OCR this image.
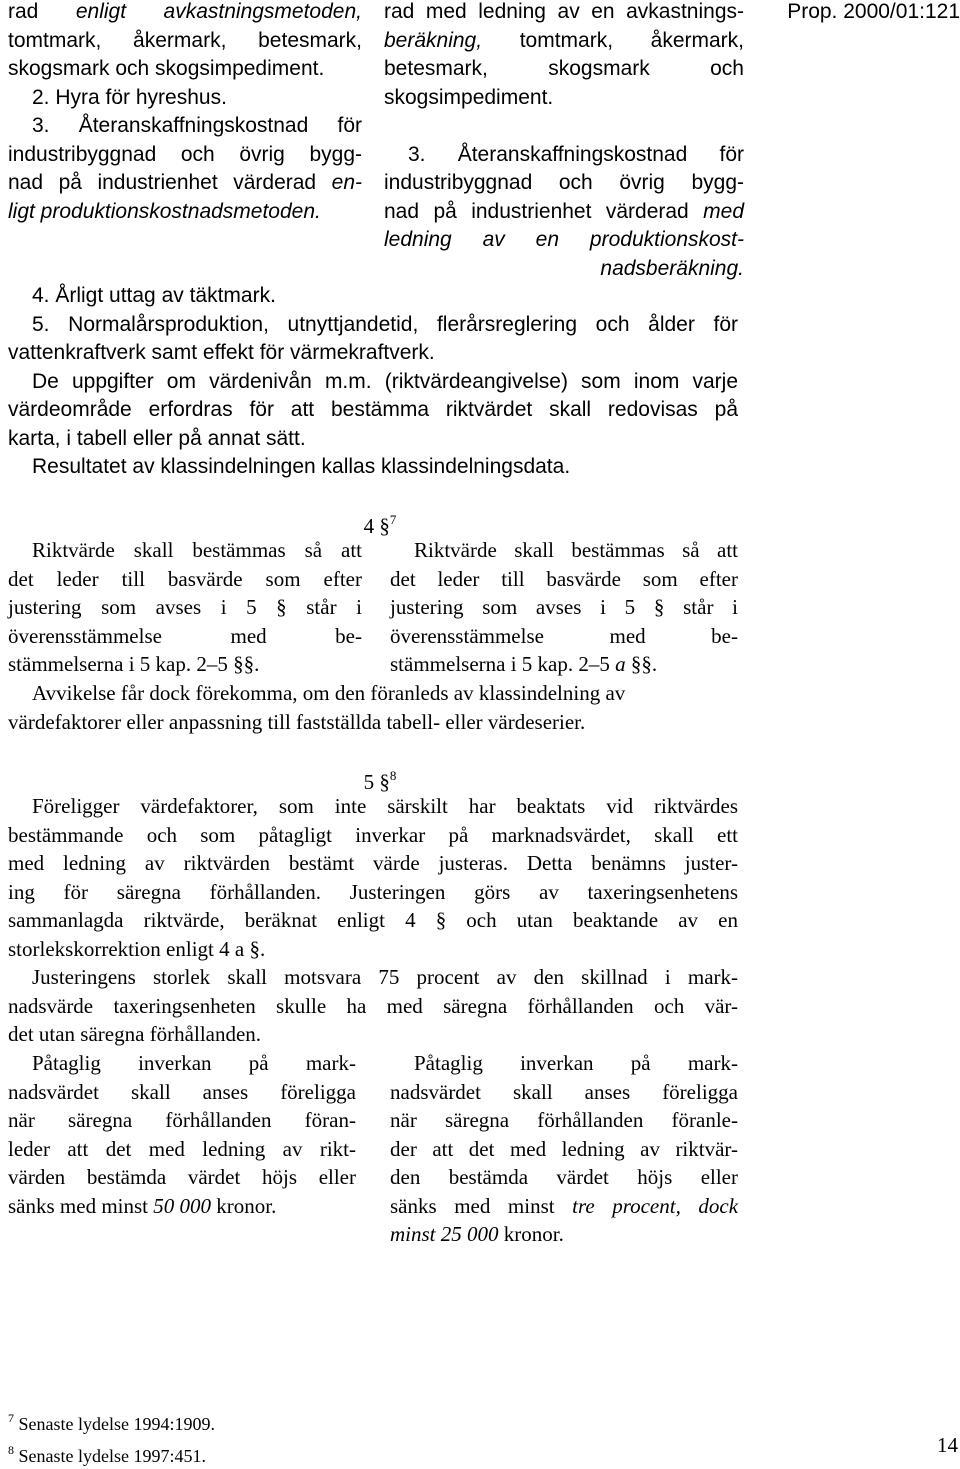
Prop. 2000/01:121
rad enligt avkastningsmetoden,
tomtmark, åkermark, betesmark,
skogsmark och skogsimpediment.
2. Hyra för hyreshus.
3. Återanskaffningskostnad för
industribyggnad och övrig bygg-
nad på industrienhet värderad en-
ligt produktionskostnadsmetoden.
rad med ledning av en avkastnings-
beräkning, tomtmark, åkermark,
betesmark, skogsmark och
skogsimpediment.
3. Återanskaffningskostnad för
industribyggnad och övrig bygg-
nad på industrienhet värderad med
ledning av en produktionskost-
nadsberäkning.
4. Årligt uttag av täktmark.
5. Normalårsproduktion, utnyttjandetid, flerårsreglering och ålder för
vattenkraftverk samt effekt för värmekraftverk.
De uppgifter om värdenivån m.m. (riktvärdeangivelse) som inom varje
värdeområde erfordras för att bestämma riktvärdet skall redovisas på
karta, i tabell eller på annat sätt.
Resultatet av klassindelningen kallas klassindelningsdata.
4 §$^7$
Riktvärde skall bestämmas så att
det leder till basvärde som efter
justering som avses i 5 § står i
överensstämmelse med be-
stämmelserna i 5 kap. 2–5 §§.
Riktvärde skall bestämmas så att
det leder till basvärde som efter
justering som avses i 5 § står i
överensstämmelse med be-
stämmelserna i 5 kap. 2–5 a §§.
Avvikelse får dock förekomma, om den föranleds av klassindelning av
värdefaktorer eller anpassning till fastställda tabell- eller värdeserier.
5 §$^8$
Föreligger värdefaktorer, som inte särskilt har beaktats vid riktvärdes
bestämmande och som påtagligt inverkar på marknadsvärdet, skall ett
med ledning av riktvärden bestämt värde justeras. Detta benämns juster-
ing för säregna förhållanden. Justeringen görs av taxeringsenhetens
sammanlagda riktvärde, beräknat enligt 4 § och utan beaktande av en
storlekskorrektion enligt 4 a §.
Justeringens storlek skall motsvara 75 procent av den skillnad i mark-
nadsvärde taxeringsenheten skulle ha med säregna förhållanden och vär-
det utan säregna förhållanden.
Påtaglig inverkan på mark-
nadsvärdet skall anses föreligga
när säregna förhållanden föran-
leder att det med ledning av rikt-
värden bestämda värdet höjs eller
sänks med minst 50 000 kronor.
Påtaglig inverkan på mark-
nadsvärdet skall anses föreligga
när säregna förhållanden föranle-
der att det med ledning av riktvär-
den bestämda värdet höjs eller
sänks med minst tre procent, dock
minst 25 000 kronor.
$^7$ Senaste lydelse 1994:1909.
$^8$ Senaste lydelse 1997:451.	14
